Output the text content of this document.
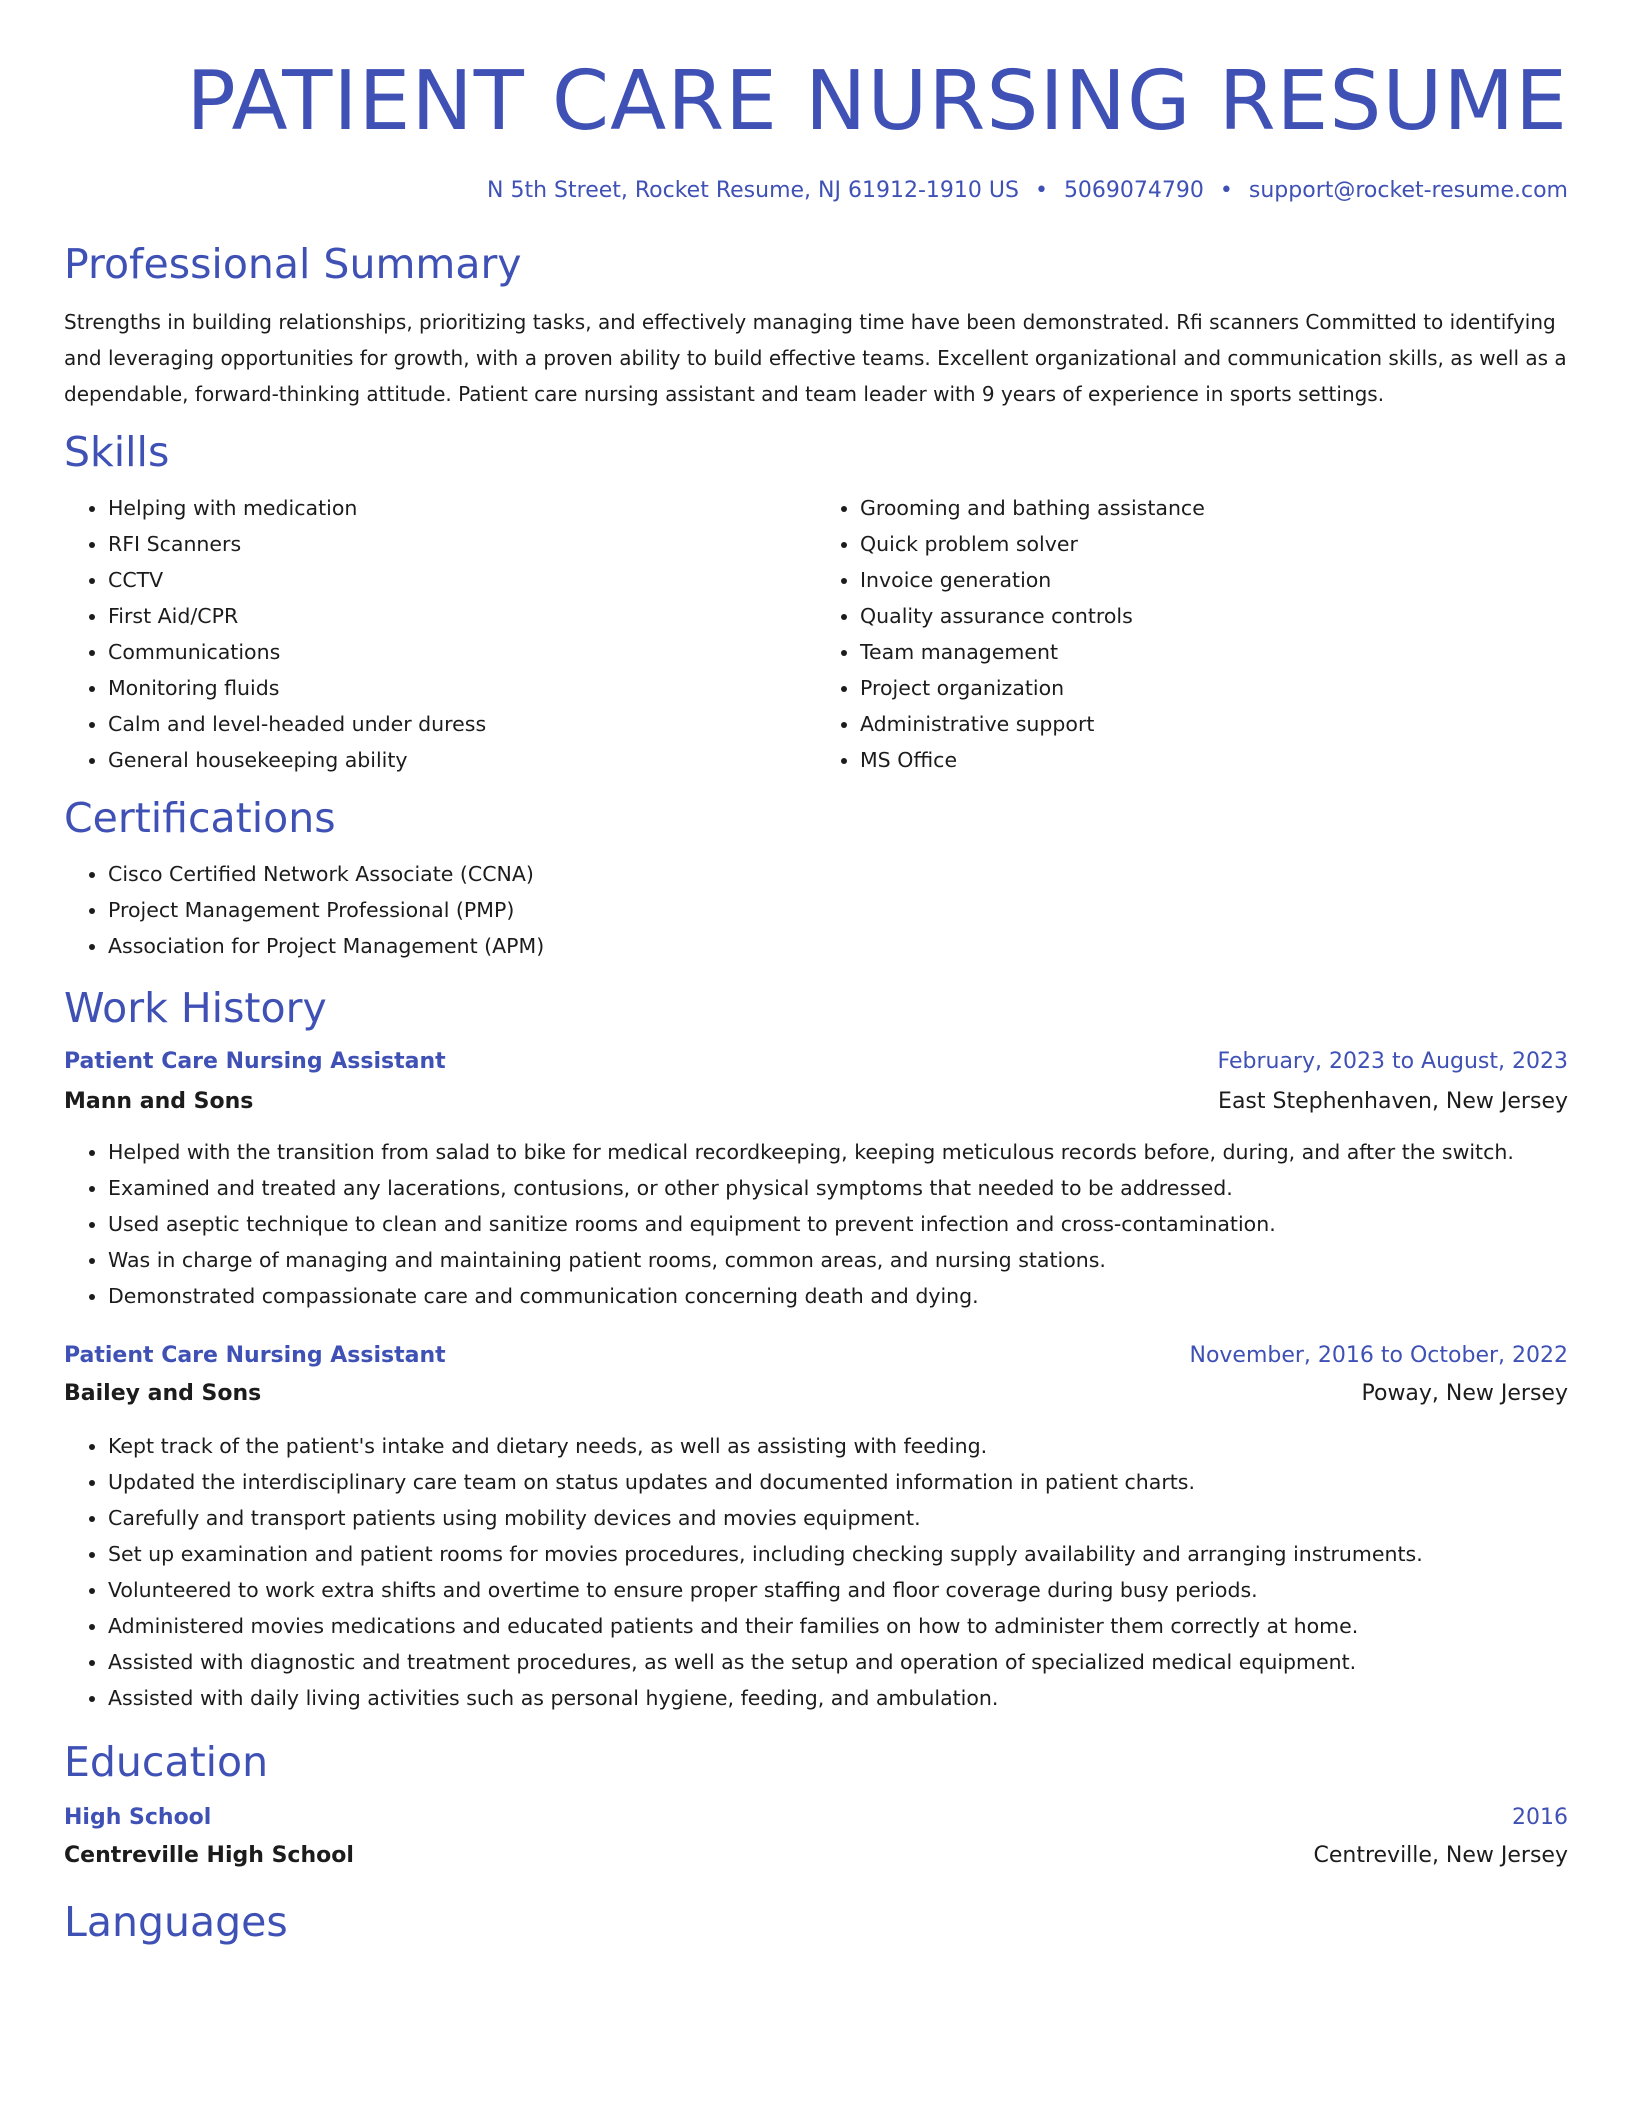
PATIENT CARE NURSING RESUME
N 5th Street, Rocket Resume, NJ 61912-1910 US • 5069074790 • support@rocket-resume.com
Professional Summary

Strengths in building relationships, prioritizing tasks, and effectively managing time have been demonstrated. Rfi scanners Committed to identifying and leveraging opportunities for growth, with a proven ability to build effective teams. Excellent organizational and communication skills, as well as a dependable, forward-thinking attitude. Patient care nursing assistant and team leader with 9 years of experience in sports settings.

Skills
• Helping with medication
• RFI Scanners
• CCTV
• First Aid/CPR
• Communications
• Monitoring fluids
• Calm and level-headed under duress
• General housekeeping ability
• Grooming and bathing assistance
• Quick problem solver
• Invoice generation
• Quality assurance controls
• Team management
• Project organization
• Administrative support
• MS Office
Certifications
• Cisco Certified Network Associate (CCNA)
• Project Management Professional (PMP)
• Association for Project Management (APM)
Work History
Patient Care Nursing Assistant	February, 2023 to August, 2023
Mann and Sons	East Stephenhaven, New Jersey
• Helped with the transition from salad to bike for medical recordkeeping, keeping meticulous records before, during, and after the switch.
• Examined and treated any lacerations, contusions, or other physical symptoms that needed to be addressed.
• Used aseptic technique to clean and sanitize rooms and equipment to prevent infection and cross-contamination.
• Was in charge of managing and maintaining patient rooms, common areas, and nursing stations.
• Demonstrated compassionate care and communication concerning death and dying.
Patient Care Nursing Assistant	November, 2016 to October, 2022
Bailey and Sons	Poway, New Jersey
• Kept track of the patient's intake and dietary needs, as well as assisting with feeding.
• Updated the interdisciplinary care team on status updates and documented information in patient charts.
• Carefully and transport patients using mobility devices and movies equipment.
• Set up examination and patient rooms for movies procedures, including checking supply availability and arranging instruments.
• Volunteered to work extra shifts and overtime to ensure proper staffing and floor coverage during busy periods.
• Administered movies medications and educated patients and their families on how to administer them correctly at home.
• Assisted with diagnostic and treatment procedures, as well as the setup and operation of specialized medical equipment.
• Assisted with daily living activities such as personal hygiene, feeding, and ambulation.
Education
High School	2016
Centreville High School	Centreville, New Jersey
Languages
